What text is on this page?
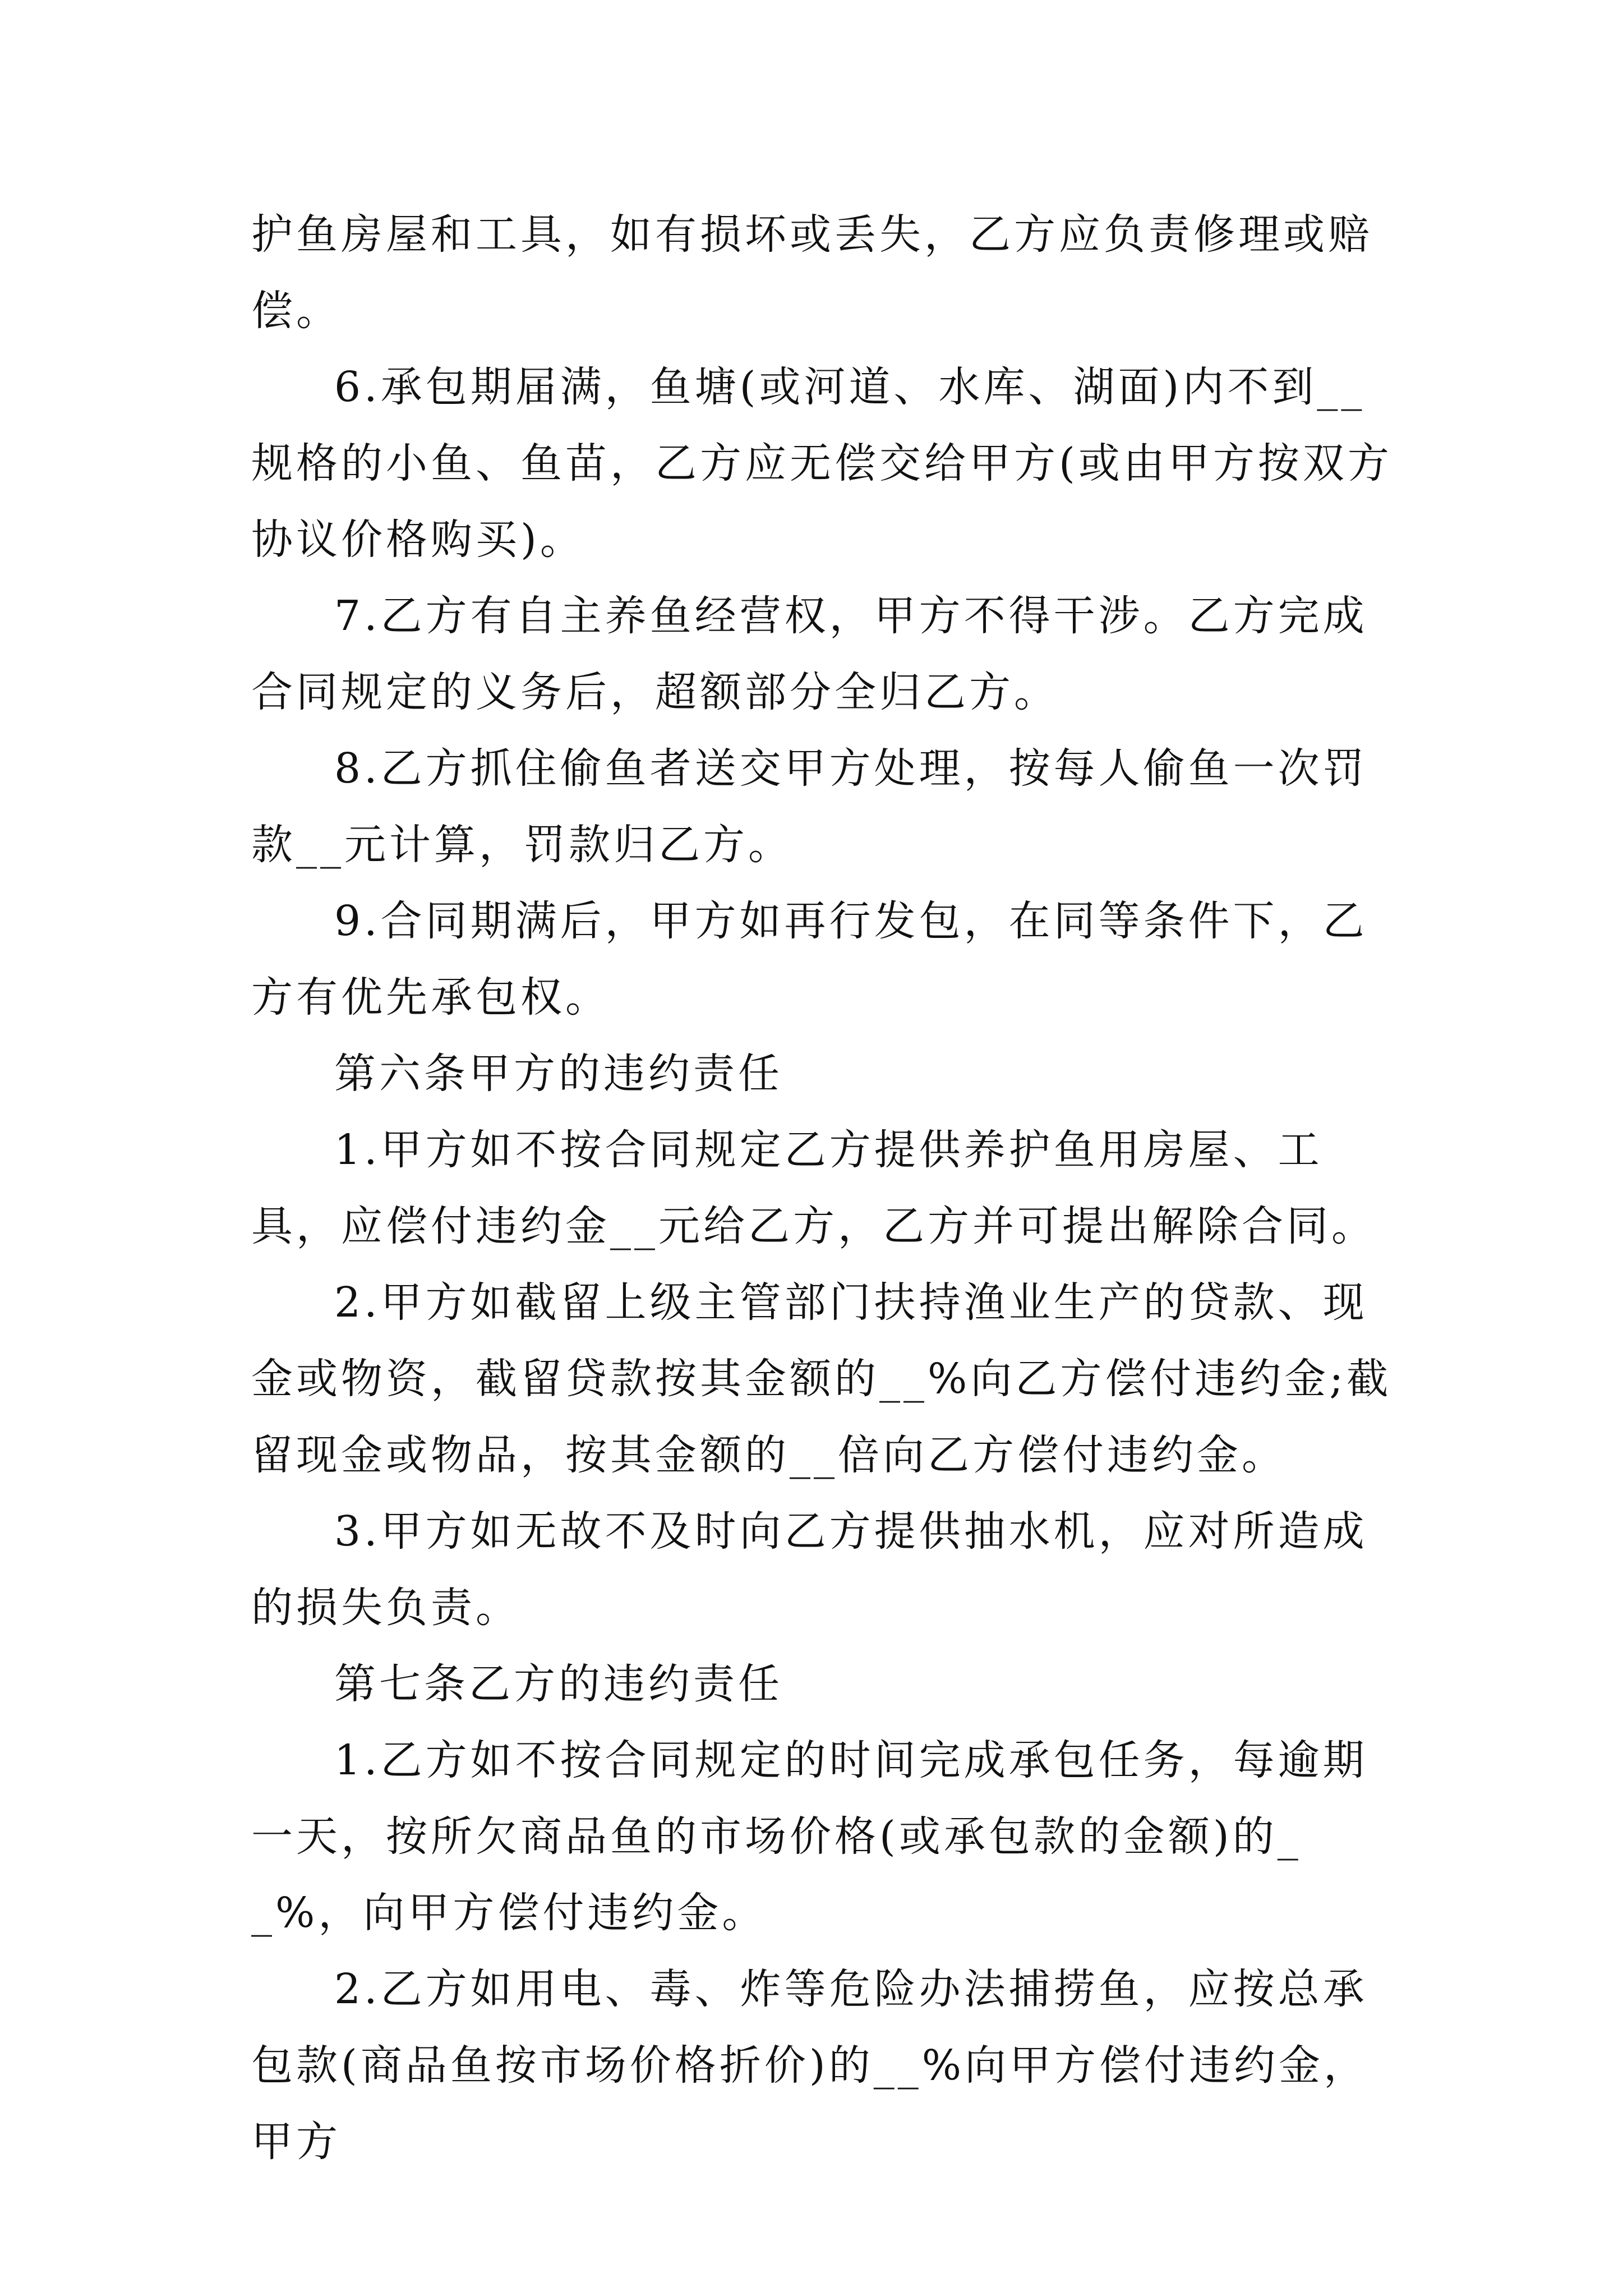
护鱼房屋和工具，如有损坏或丢失，乙方应负责修理或赔偿。

6.承包期届满，鱼塘(或河道、水库、湖面)内不到__规格的小鱼、鱼苗，乙方应无偿交给甲方(或由甲方按双方协议价格购买)。

7.乙方有自主养鱼经营权，甲方不得干涉。乙方完成合同规定的义务后，超额部分全归乙方。

8.乙方抓住偷鱼者送交甲方处理，按每人偷鱼一次罚款__元计算，罚款归乙方。

9.合同期满后，甲方如再行发包，在同等条件下，乙方有优先承包权。

第六条甲方的违约责任

1.甲方如不按合同规定乙方提供养护鱼用房屋、工具，应偿付违约金__元给乙方，乙方并可提出解除合同。

2.甲方如截留上级主管部门扶持渔业生产的贷款、现金或物资，截留贷款按其金额的__%向乙方偿付违约金;截留现金或物品，按其金额的__倍向乙方偿付违约金。

3.甲方如无故不及时向乙方提供抽水机，应对所造成的损失负责。

第七条乙方的违约责任

1.乙方如不按合同规定的时间完成承包任务，每逾期一天，按所欠商品鱼的市场价格(或承包款的金额)的__%，向甲方偿付违约金。

2.乙方如用电、毒、炸等危险办法捕捞鱼，应按总承包款(商品鱼按市场价格折价)的__%向甲方偿付违约金，甲方
